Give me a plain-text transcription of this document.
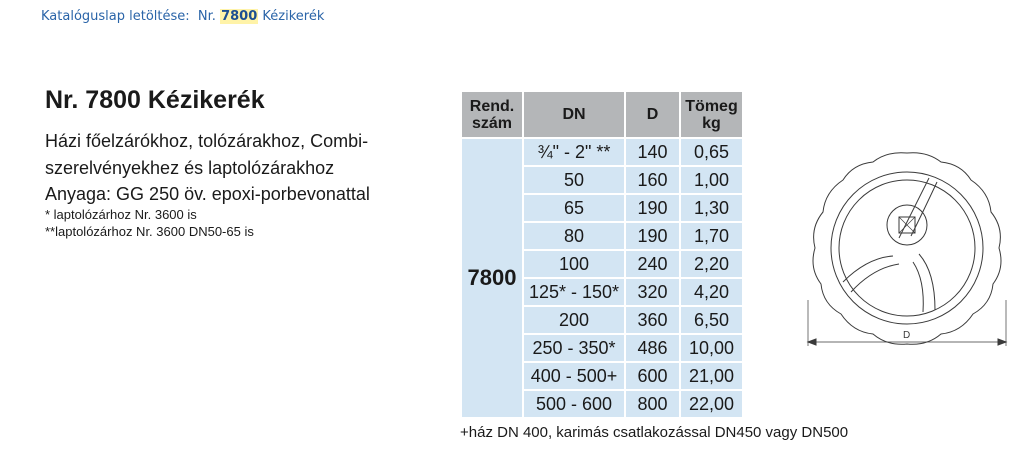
Katalóguslap letöltése: Nr. 7800 Kézikerék
Nr. 7800 Kézikerék

Házi főelzárókhoz, tolózárakhoz, Combi-

szerelvényekhez és laptolózárakhoz

Anyaga: GG 250 öv. epoxi-porbevonattal

* laptolózárhoz Nr. 3600 is

**laptolózárhoz Nr. 3600 DN50-65 is

Rend.
szám	DN	D	Tömeg
kg
7800	¾" - 2" **	140	0,65
	50	160	1,00
	65	190	1,30
	80	190	1,70
	100	240	2,20
	125* - 150*	320	4,20
	200	360	6,50
	250 - 350*	486	10,00
	400 - 500+	600	21,00
	500 - 600	800	22,00

+ház DN 400, karimás csatlakozással DN450 vagy DN500

D
